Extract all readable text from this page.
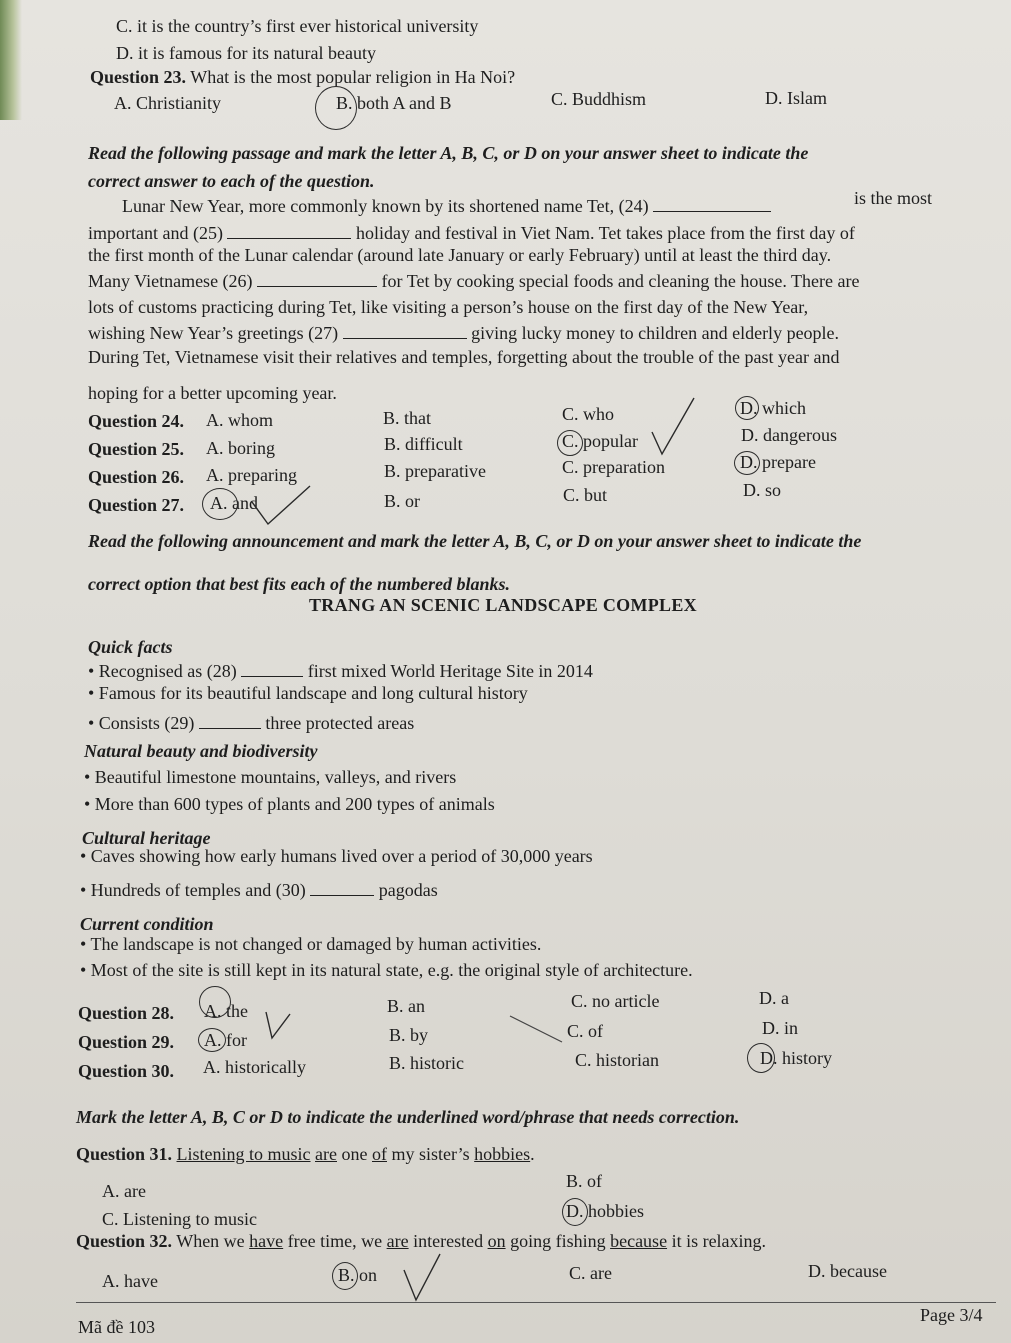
C. it is the country’s first ever historical university
D. it is famous for its natural beauty
Question 23. What is the most popular religion in Ha Noi?
A. Christianity	B. both A and B	C. Buddhism	D. Islam
Read the following passage and mark the letter A, B, C, or D on your answer sheet to indicate the
correct answer to each of the question.
Lunar New Year, more commonly known by its shortened name Tet, (24)	is the most
important and (25)	holiday and festival in Viet Nam. Tet takes place from the first day of
the first month of the Lunar calendar (around late January or early February) until at least the third day.
Many Vietnamese (26)	for Tet by cooking special foods and cleaning the house. There are
lots of customs practicing during Tet, like visiting a person’s house on the first day of the New Year,
wishing New Year’s greetings (27)	giving lucky money to children and elderly people.
During Tet, Vietnamese visit their relatives and temples, forgetting about the trouble of the past year and
hoping for a better upcoming year.
Question 24. A. whom	B. that	C. who	D. which
Question 25. A. boring	B. difficult	C. popular	D. dangerous
Question 26. A. preparing	B. preparative	C. preparation	D. prepare
Question 27. A. and	B. or	C. but	D. so
Read the following announcement and mark the letter A, B, C, or D on your answer sheet to indicate the
correct option that best fits each of the numbered blanks.
TRANG AN SCENIC LANDSCAPE COMPLEX
Quick facts
• Recognised as (28)	first mixed World Heritage Site in 2014
• Famous for its beautiful landscape and long cultural history
• Consists (29)	three protected areas
Natural beauty and biodiversity
• Beautiful limestone mountains, valleys, and rivers
• More than 600 types of plants and 200 types of animals
Cultural heritage
• Caves showing how early humans lived over a period of 30,000 years
• Hundreds of temples and (30)	pagodas
Current condition
• The landscape is not changed or damaged by human activities.
• Most of the site is still kept in its natural state, e.g. the original style of architecture.
Question 28. A. the	B. an	C. no article	D. a
Question 29. A. for	B. by	C. of	D. in
Question 30. A. historically	B. historic	C. historian	D. history
Mark the letter A, B, C or D to indicate the underlined word/phrase that needs correction.
Question 31. Listening to music are one of my sister’s hobbies.
A. are	B. of
C. Listening to music	D. hobbies
Question 32. When we have free time, we are interested on going fishing because it is relaxing.
A. have	B. on	C. are	D. because
Mã đề 103
Page 3/4
